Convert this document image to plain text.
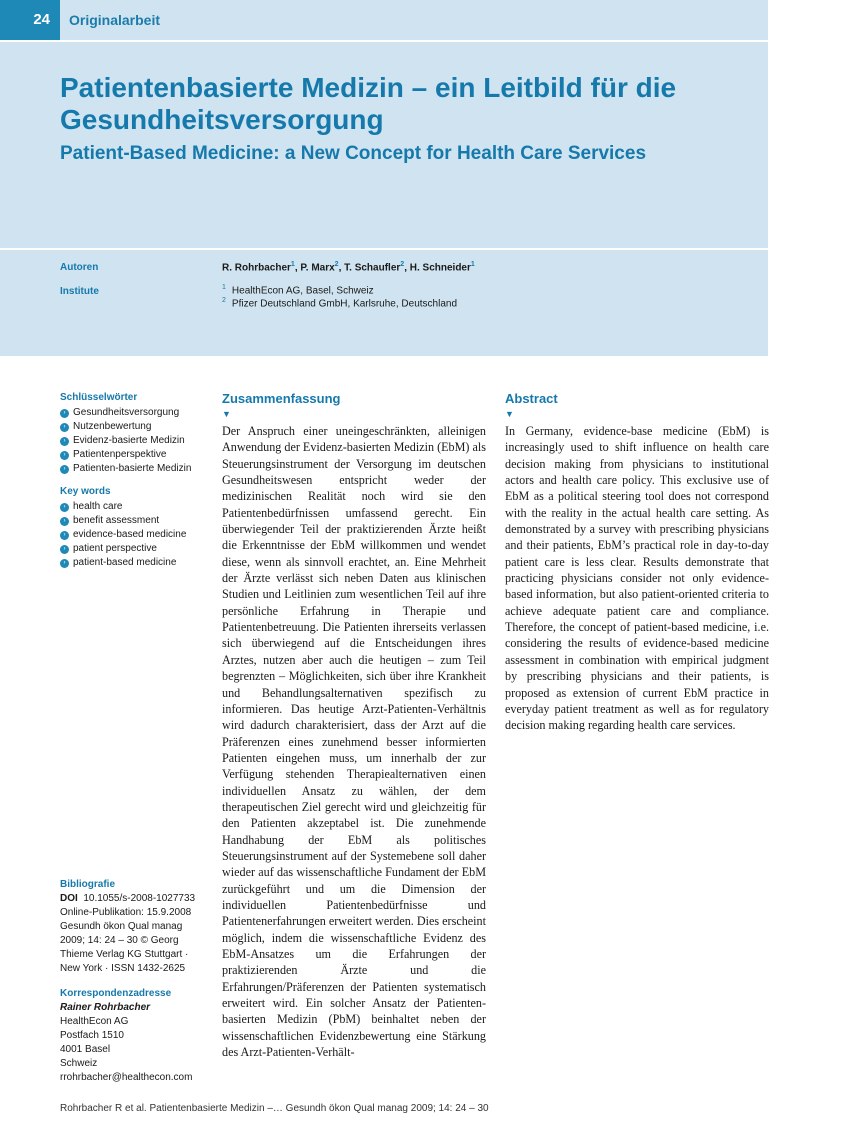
24	Originalarbeit
Patientenbasierte Medizin – ein Leitbild für die Gesundheitsversorgung
Patient-Based Medicine: a New Concept for Health Care Services
Autoren	R. Rohrbacher$^1$, P. Marx$^2$, T. Schaufler$^2$, H. Schneider$^1$
Institute	$^1$ HealthEcon AG, Basel, Schweiz
$^2$ Pfizer Deutschland GmbH, Karlsruhe, Deutschland
Schlüsselwörter
› Gesundheitsversorgung
› Nutzenbewertung
› Evidenz-basierte Medizin
› Patientenperspektive
› Patienten-basierte Medizin
Key words
› health care
› benefit assessment
› evidence-based medicine
› patient perspective
› patient-based medicine
Zusammenfassung
▼

Der Anspruch einer uneingeschränkten, alleinigen Anwendung der Evidenz-basierten Medizin (EbM) als Steuerungsinstrument der Versorgung im deutschen Gesundheitswesen entspricht weder der medizinischen Realität noch wird sie den Patientenbedürfnissen umfassend gerecht. Ein überwiegender Teil der praktizierenden Ärzte heißt die Erkenntnisse der EbM willkommen und wendet diese, wenn als sinnvoll erachtet, an. Eine Mehrheit der Ärzte verlässt sich neben Daten aus klinischen Studien und Leitlinien zum wesentlichen Teil auf ihre persönliche Erfahrung in Therapie und Patientenbetreuung. Die Patienten ihrerseits verlassen sich überwiegend auf die Entscheidungen ihres Arztes, nutzen aber auch die heutigen – zum Teil begrenzten – Möglichkeiten, sich über ihre Krankheit und Behandlungsalternativen spezifisch zu informieren. Das heutige Arzt-Patienten-Verhältnis wird dadurch charakterisiert, dass der Arzt auf die Präferenzen eines zunehmend besser informierten Patienten eingehen muss, um innerhalb der zur Verfügung stehenden Therapiealternativen einen individuellen Ansatz zu wählen, der dem therapeutischen Ziel gerecht wird und gleichzeitig für den Patienten akzeptabel ist. Die zunehmende Handhabung der EbM als politisches Steuerungsinstrument auf der Systemebene soll daher wieder auf das wissenschaftliche Fundament der EbM zurückgeführt und um die Dimension der individuellen Patientenbedürfnisse und Patientenerfahrungen erweitert werden. Dies erscheint möglich, indem die wissenschaftliche Evidenz des EbM-Ansatzes um die Erfahrungen der praktizierenden Ärzte und die Erfahrungen/Präferenzen der Patienten systematisch erweitert wird. Ein solcher Ansatz der Patienten-basierten Medizin (PbM) beinhaltet neben der wissenschaftlichen Evidenzbewertung eine Stärkung des Arzt-Patienten-Verhält-

Abstract
▼

In Germany, evidence-base medicine (EbM) is increasingly used to shift influence on health care decision making from physicians to institutional actors and health care policy. This exclusive use of EbM as a political steering tool does not correspond with the reality in the actual health care setting. As demonstrated by a survey with prescribing physicians and their patients, EbM’s practical role in day-to-day patient care is less clear. Results demonstrate that practicing physicians consider not only evidence-based information, but also patient-oriented criteria to achieve adequate patient care and compliance. Therefore, the concept of patient-based medicine, i.e. considering the results of evidence-based medicine assessment in combination with empirical judgment by prescribing physicians and their patients, is proposed as extension of current EbM practice in everyday patient treatment as well as for regulatory decision making regarding health care services.

Bibliografie
DOI 10.1055/s-2008-1027733
Online-Publikation: 15.9.2008
Gesundh ökon Qual manag
2009; 14: 24 – 30 © Georg
Thieme Verlag KG Stuttgart ·
New York · ISSN 1432-2625
Korrespondenzadresse
Rainer Rohrbacher
HealthEcon AG
Postfach 1510
4001 Basel
Schweiz
rrohrbacher@healthecon.com
Rohrbacher R et al. Patientenbasierte Medizin –… Gesundh ökon Qual manag 2009; 14: 24 – 30
